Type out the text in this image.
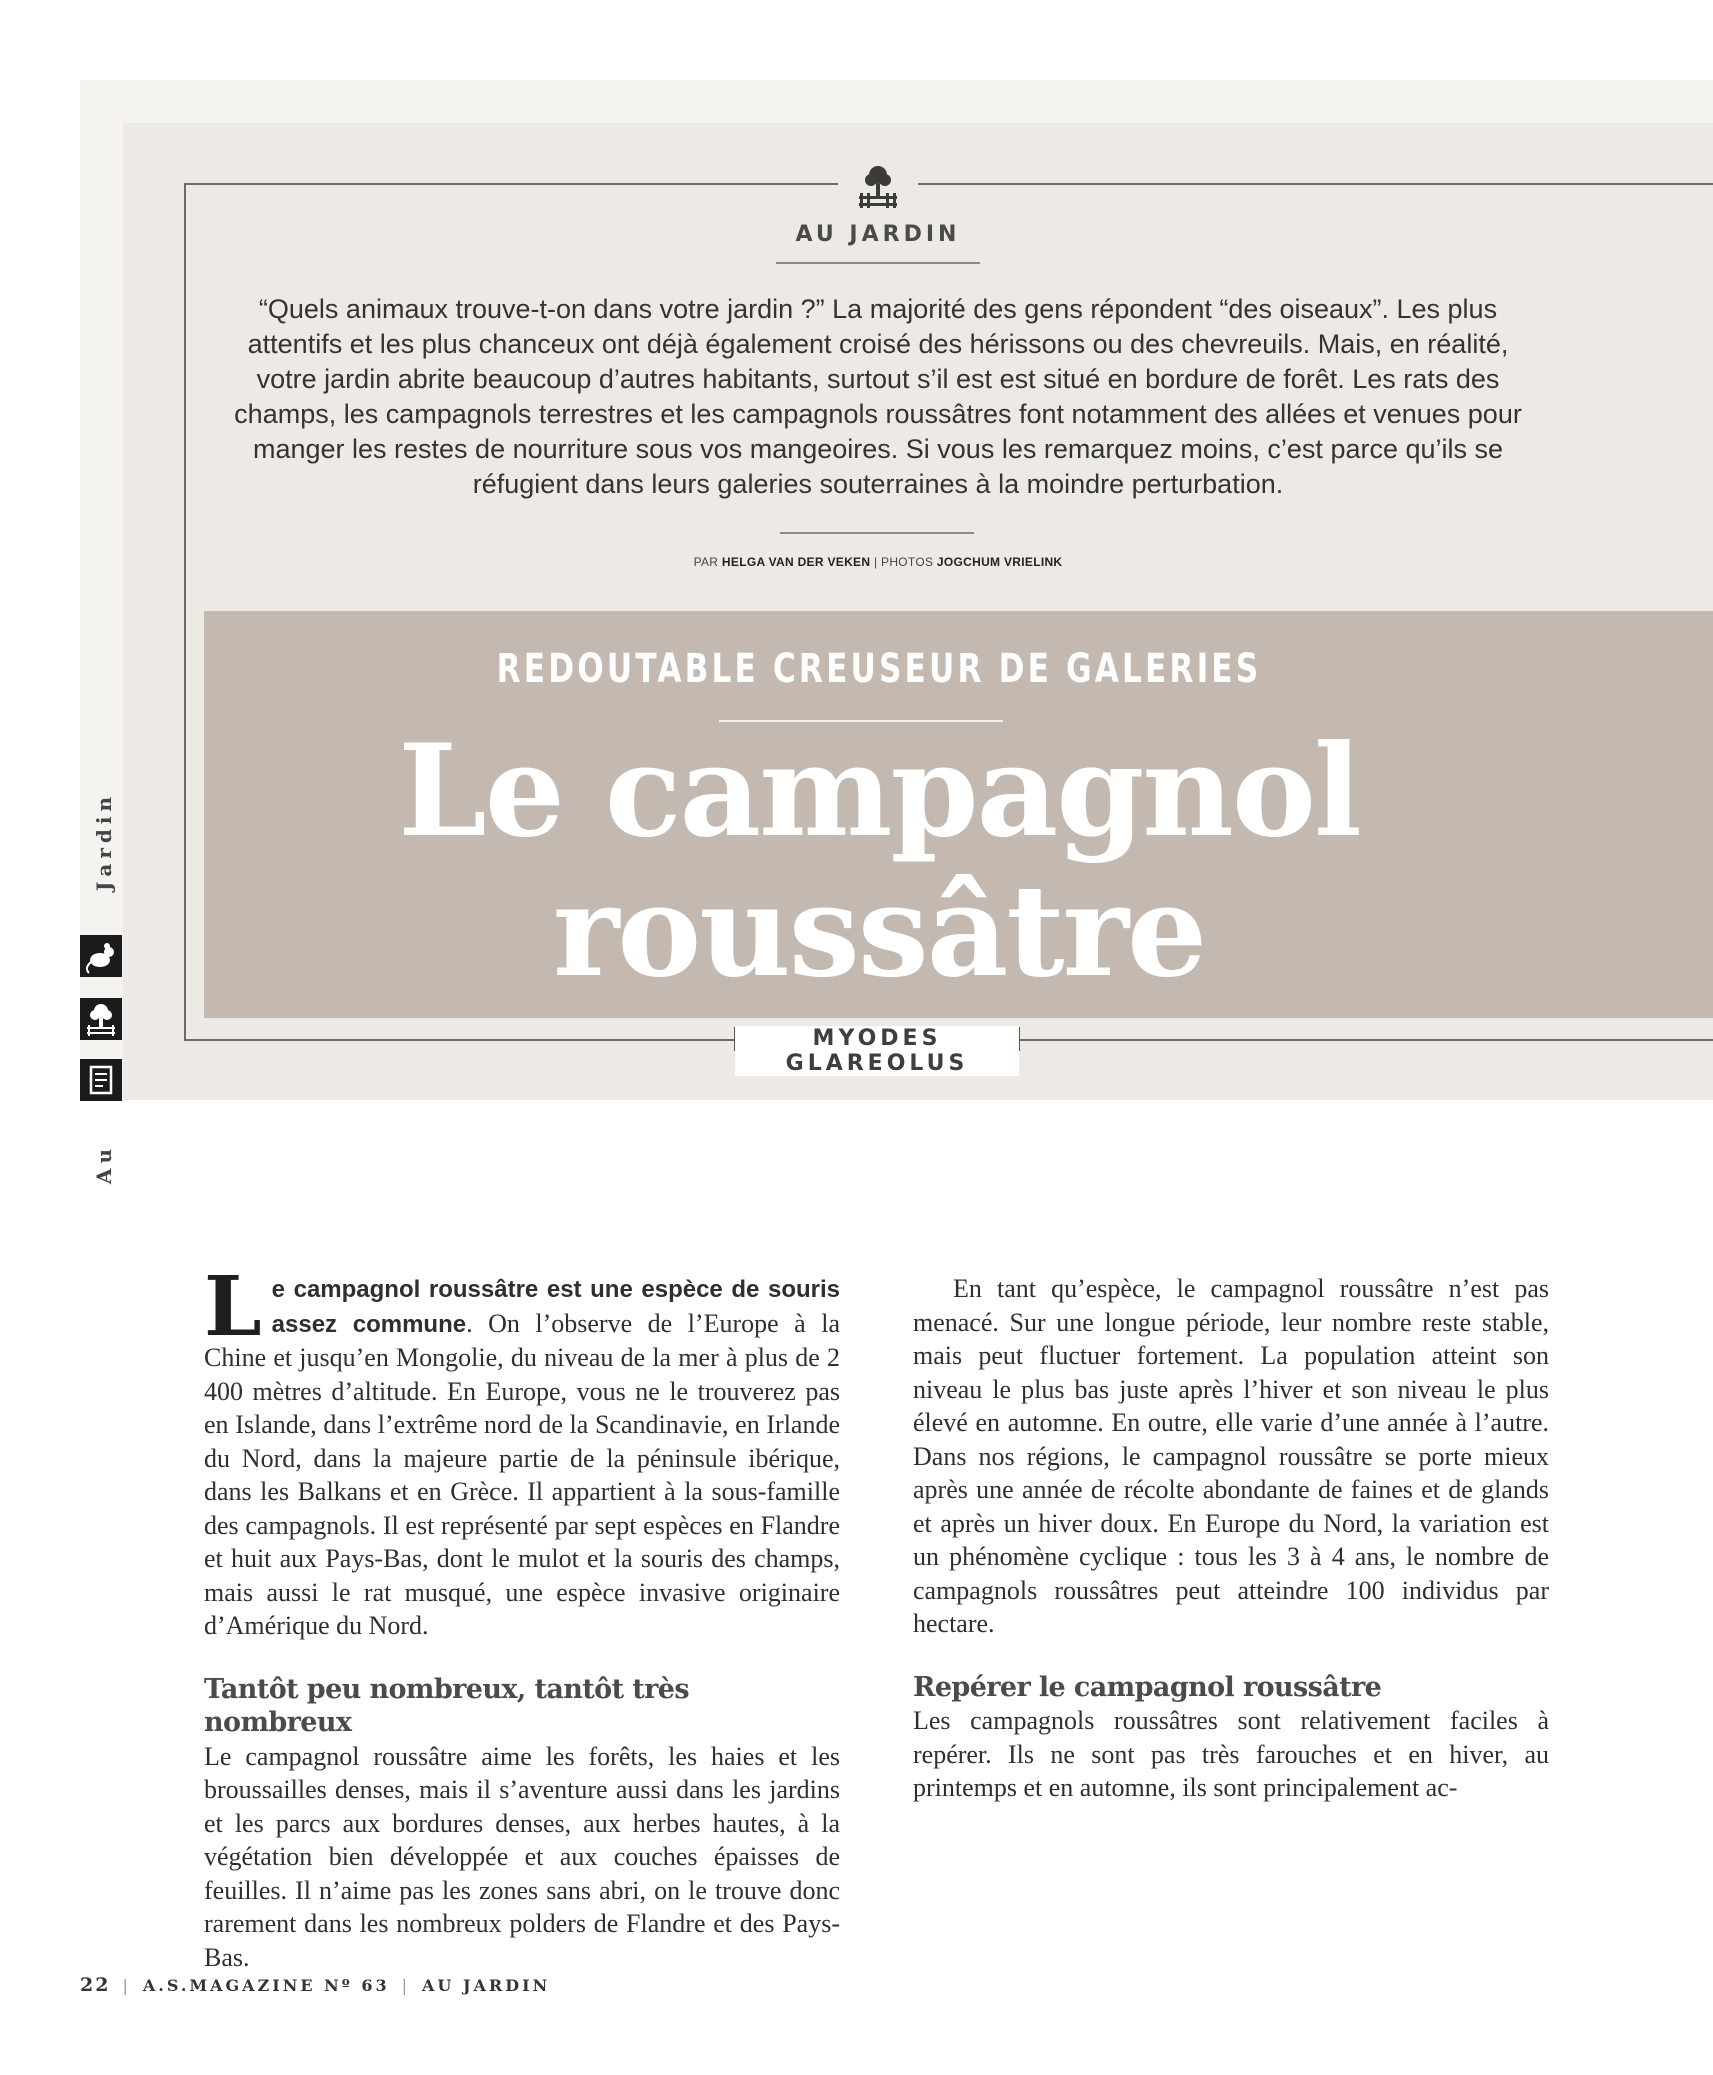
AU JARDIN
“Quels animaux trouve-t-on dans votre jardin ?” La majorité des gens répondent “des oiseaux”. Les plus attentifs et les plus chanceux ont déjà également croisé des hérissons ou des chevreuils. Mais, en réalité, votre jardin abrite beaucoup d’autres habitants, surtout s’il est est situé en bordure de forêt. Les rats des champs, les campagnols terrestres et les campagnols roussâtres font notamment des allées et venues pour manger les restes de nourriture sous vos mangeoires. Si vous les remarquez moins, c’est parce qu’ils se réfugient dans leurs galeries souterraines à la moindre perturbation.
PAR HELGA VAN DER VEKEN | PHOTOS JOGCHUM VRIELINK
REDOUTABLE CREUSEUR DE GALERIES
Le campagnol
roussâtre
MYODES GLAREOLUS
Jardin
Au

Le campagnol roussâtre est une espèce de souris assez commune. On l’observe de l’Europe à la Chine et jusqu’en Mongolie, du niveau de la mer à plus de 2 400 mètres d’altitude. En Europe, vous ne le trouverez pas en Islande, dans l’extrême nord de la Scandinavie, en Irlande du Nord, dans la majeure partie de la péninsule ibérique, dans les Balkans et en Grèce. Il appartient à la sous-famille des campagnols. Il est représenté par sept espèces en Flandre et huit aux Pays-Bas, dont le mulot et la souris des champs, mais aussi le rat musqué, une espèce invasive originaire d’Amérique du Nord.

Tantôt peu nombreux, tantôt très nombreux

Le campagnol roussâtre aime les forêts, les haies et les broussailles denses, mais il s’aventure aussi dans les jardins et les parcs aux bordures denses, aux herbes hautes, à la végétation bien développée et aux couches épaisses de feuilles. Il n’aime pas les zones sans abri, on le trouve donc rarement dans les nombreux polders de Flandre et des Pays-Bas.

En tant qu’espèce, le campagnol roussâtre n’est pas menacé. Sur une longue période, leur nombre reste stable, mais peut fluctuer fortement. La population atteint son niveau le plus bas juste après l’hiver et son niveau le plus élevé en automne. En outre, elle varie d’une année à l’autre. Dans nos régions, le campagnol roussâtre se porte mieux après une année de récolte abondante de faines et de glands et après un hiver doux. En Europe du Nord, la variation est un phénomène cyclique : tous les 3 à 4 ans, le nombre de campagnols roussâtres peut atteindre 100 individus par hectare.

Repérer le campagnol roussâtre

Les campagnols roussâtres sont relativement faciles à repérer. Ils ne sont pas très farouches et en hiver, au printemps et en automne, ils sont principalement ac-

22 | A.S.MAGAZINE Nº 63 | AU JARDIN
